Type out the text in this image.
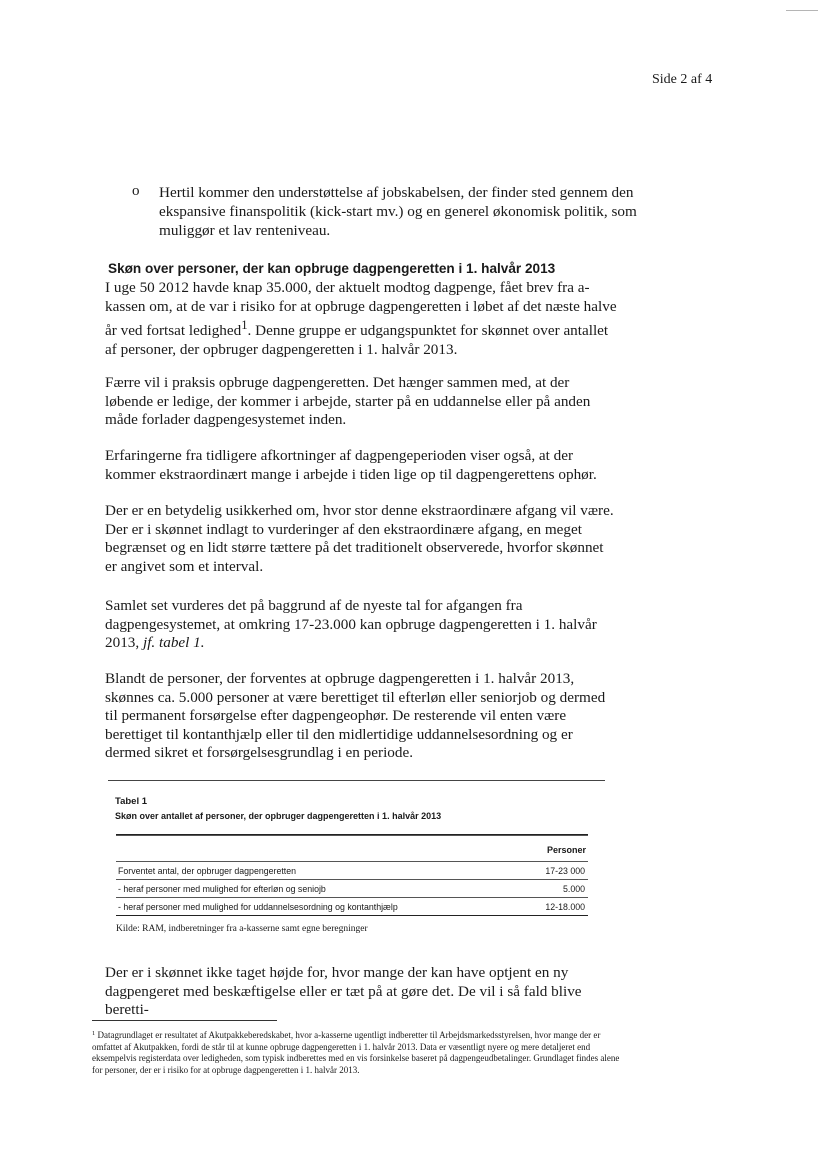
Side 2 af 4
o Hertil kommer den understøttelse af jobskabelsen, der finder sted gennem den ekspansive finanspolitik (kick-start mv.) og en generel økonomisk politik, som muliggør et lav renteniveau.

Skøn over personer, der kan opbruge dagpengeretten i 1. halvår 2013

I uge 50 2012 havde knap 35.000, der aktuelt modtog dagpenge, fået brev fra a-kassen om, at de var i risiko for at opbruge dagpengeretten i løbet af det næste halve år ved fortsat ledighed$^1$. Denne gruppe er udgangspunktet for skønnet over antallet af personer, der opbruger dagpengeretten i 1. halvår 2013.

Færre vil i praksis opbruge dagpengeretten. Det hænger sammen med, at der løbende er ledige, der kommer i arbejde, starter på en uddannelse eller på anden måde forlader dagpengesystemet inden.

Erfaringerne fra tidligere afkortninger af dagpengeperioden viser også, at der kommer ekstraordinært mange i arbejde i tiden lige op til dagpengerettens ophør.

Der er en betydelig usikkerhed om, hvor stor denne ekstraordinære afgang vil være. Der er i skønnet indlagt to vurderinger af den ekstraordinære afgang, en meget begrænset og en lidt større tættere på det traditionelt observerede, hvorfor skønnet er angivet som et interval.

Samlet set vurderes det på baggrund af de nyeste tal for afgangen fra dagpengesystemet, at omkring 17-23.000 kan opbruge dagpengeretten i 1. halvår 2013, jf. tabel 1.

Blandt de personer, der forventes at opbruge dagpengeretten i 1. halvår 2013, skønnes ca. 5.000 personer at være berettiget til efterløn eller seniorjob og dermed til permanent forsørgelse efter dagpengeophør. De resterende vil enten være berettiget til kontanthjælp eller til den midlertidige uddannelsesordning og er dermed sikret et forsørgelsesgrundlag i en periode.

Tabel 1
Skøn over antallet af personer, der opbruger dagpengeretten i 1. halvår 2013
Personer
Forventet antal, der opbruger dagpengeretten	17-23 000
- heraf personer med mulighed for efterløn og seniojb	5.000
- heraf personer med mulighed for uddannelsesordning og kontanthjælp	12-18.000
Kilde: RAM, indberetninger fra a-kasserne samt egne beregninger

Der er i skønnet ikke taget højde for, hvor mange der kan have optjent en ny dagpengeret med beskæftigelse eller er tæt på at gøre det. De vil i så fald blive beretti-

$^1$ Datagrundlaget er resultatet af Akutpakkeberedskabet, hvor a-kasserne ugentligt indberetter til Arbejdsmarkedsstyrelsen, hvor mange der er omfattet af Akutpakken, fordi de står til at kunne opbruge dagpengeretten i 1. halvår 2013. Data er væsentligt nyere og mere detaljeret end eksempelvis registerdata over ledigheden, som typisk indberettes med en vis forsinkelse baseret på dagpengeudbetalinger. Grundlaget findes alene for personer, der er i risiko for at opbruge dagpengeretten i 1. halvår 2013.
